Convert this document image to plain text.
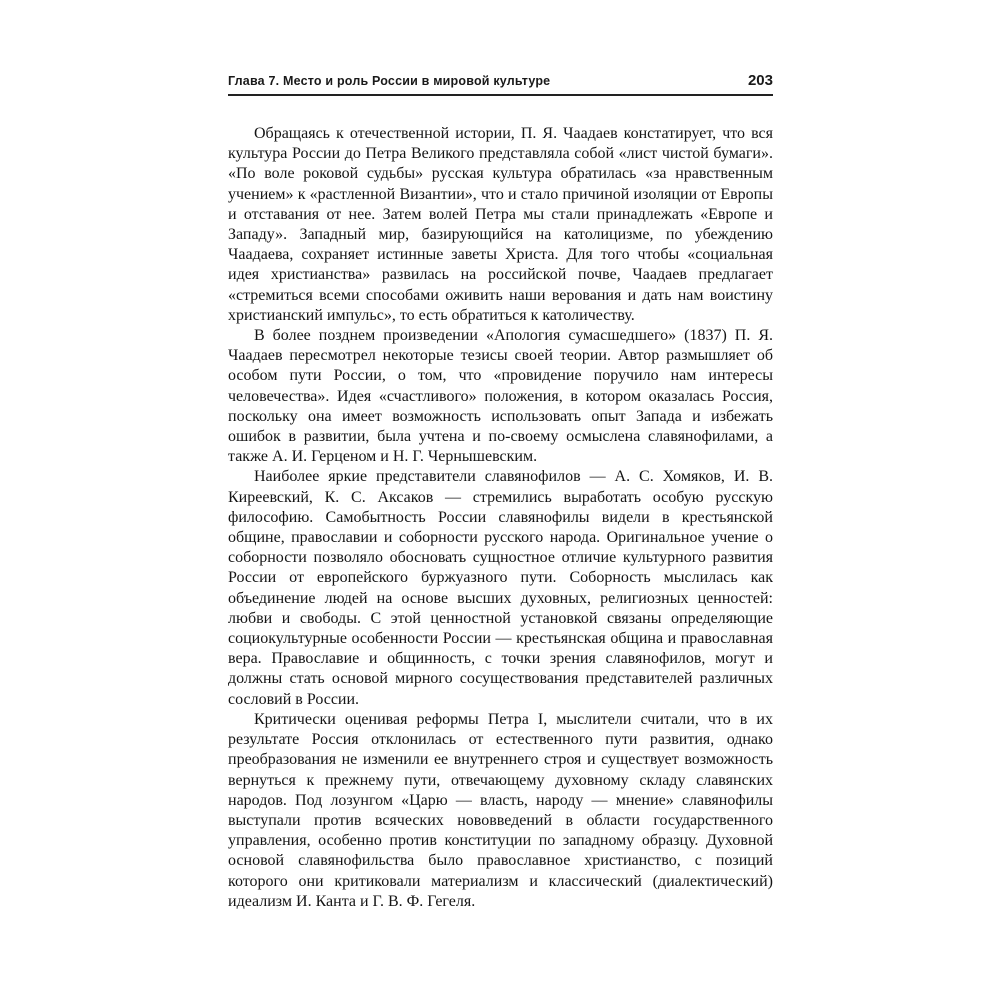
Глава 7. Место и роль России в мировой культуре	203

Обращаясь к отечественной истории, П. Я. Чаадаев констатирует, что вся культура России до Петра Великого представляла собой «лист чистой бумаги». «По воле роковой судьбы» русская культура обратилась «за нравственным учением» к «растленной Византии», что и стало причиной изоляции от Европы и отставания от нее. Затем волей Петра мы стали принадлежать «Европе и Западу». Западный мир, базирующийся на католицизме, по убеждению Чаадаева, сохраняет истинные заветы Христа. Для того чтобы «социальная идея христианства» развилась на российской почве, Чаадаев предлагает «стремиться всеми способами оживить наши верования и дать нам воистину христианский импульс», то есть обратиться к католичеству.

В более позднем произведении «Апология сумасшедшего» (1837) П. Я. Чаадаев пересмотрел некоторые тезисы своей теории. Автор размышляет об особом пути России, о том, что «провидение поручило нам интересы человечества». Идея «счастливого» положения, в котором оказалась Россия, поскольку она имеет возможность использовать опыт Запада и избежать ошибок в развитии, была учтена и по-своему осмыслена славянофилами, а также А. И. Герценом и Н. Г. Чернышевским.

Наиболее яркие представители славянофилов — А. С. Хомяков, И. В. Киреевский, К. С. Аксаков — стремились выработать особую русскую философию. Самобытность России славянофилы видели в крестьянской общине, православии и соборности русского народа. Оригинальное учение о соборности позволяло обосновать сущностное отличие культурного развития России от европейского буржуазного пути. Соборность мыслилась как объединение людей на основе высших духовных, религиозных ценностей: любви и свободы. С этой ценностной установкой связаны определяющие социокультурные особенности России — крестьянская община и православная вера. Православие и общинность, с точки зрения славянофилов, могут и должны стать основой мирного сосуществования представителей различных сословий в России.

Критически оценивая реформы Петра I, мыслители считали, что в их результате Россия отклонилась от естественного пути развития, однако преобразования не изменили ее внутреннего строя и существует возможность вернуться к прежнему пути, отвечающему духовному складу славянских народов. Под лозунгом «Царю — власть, народу — мнение» славянофилы выступали против всяческих нововведений в области государственного управления, особенно против конституции по западному образцу. Духовной основой славянофильства было православное христианство, с позиций которого они критиковали материализм и классический (диалектический) идеализм И. Канта и Г. В. Ф. Гегеля.
